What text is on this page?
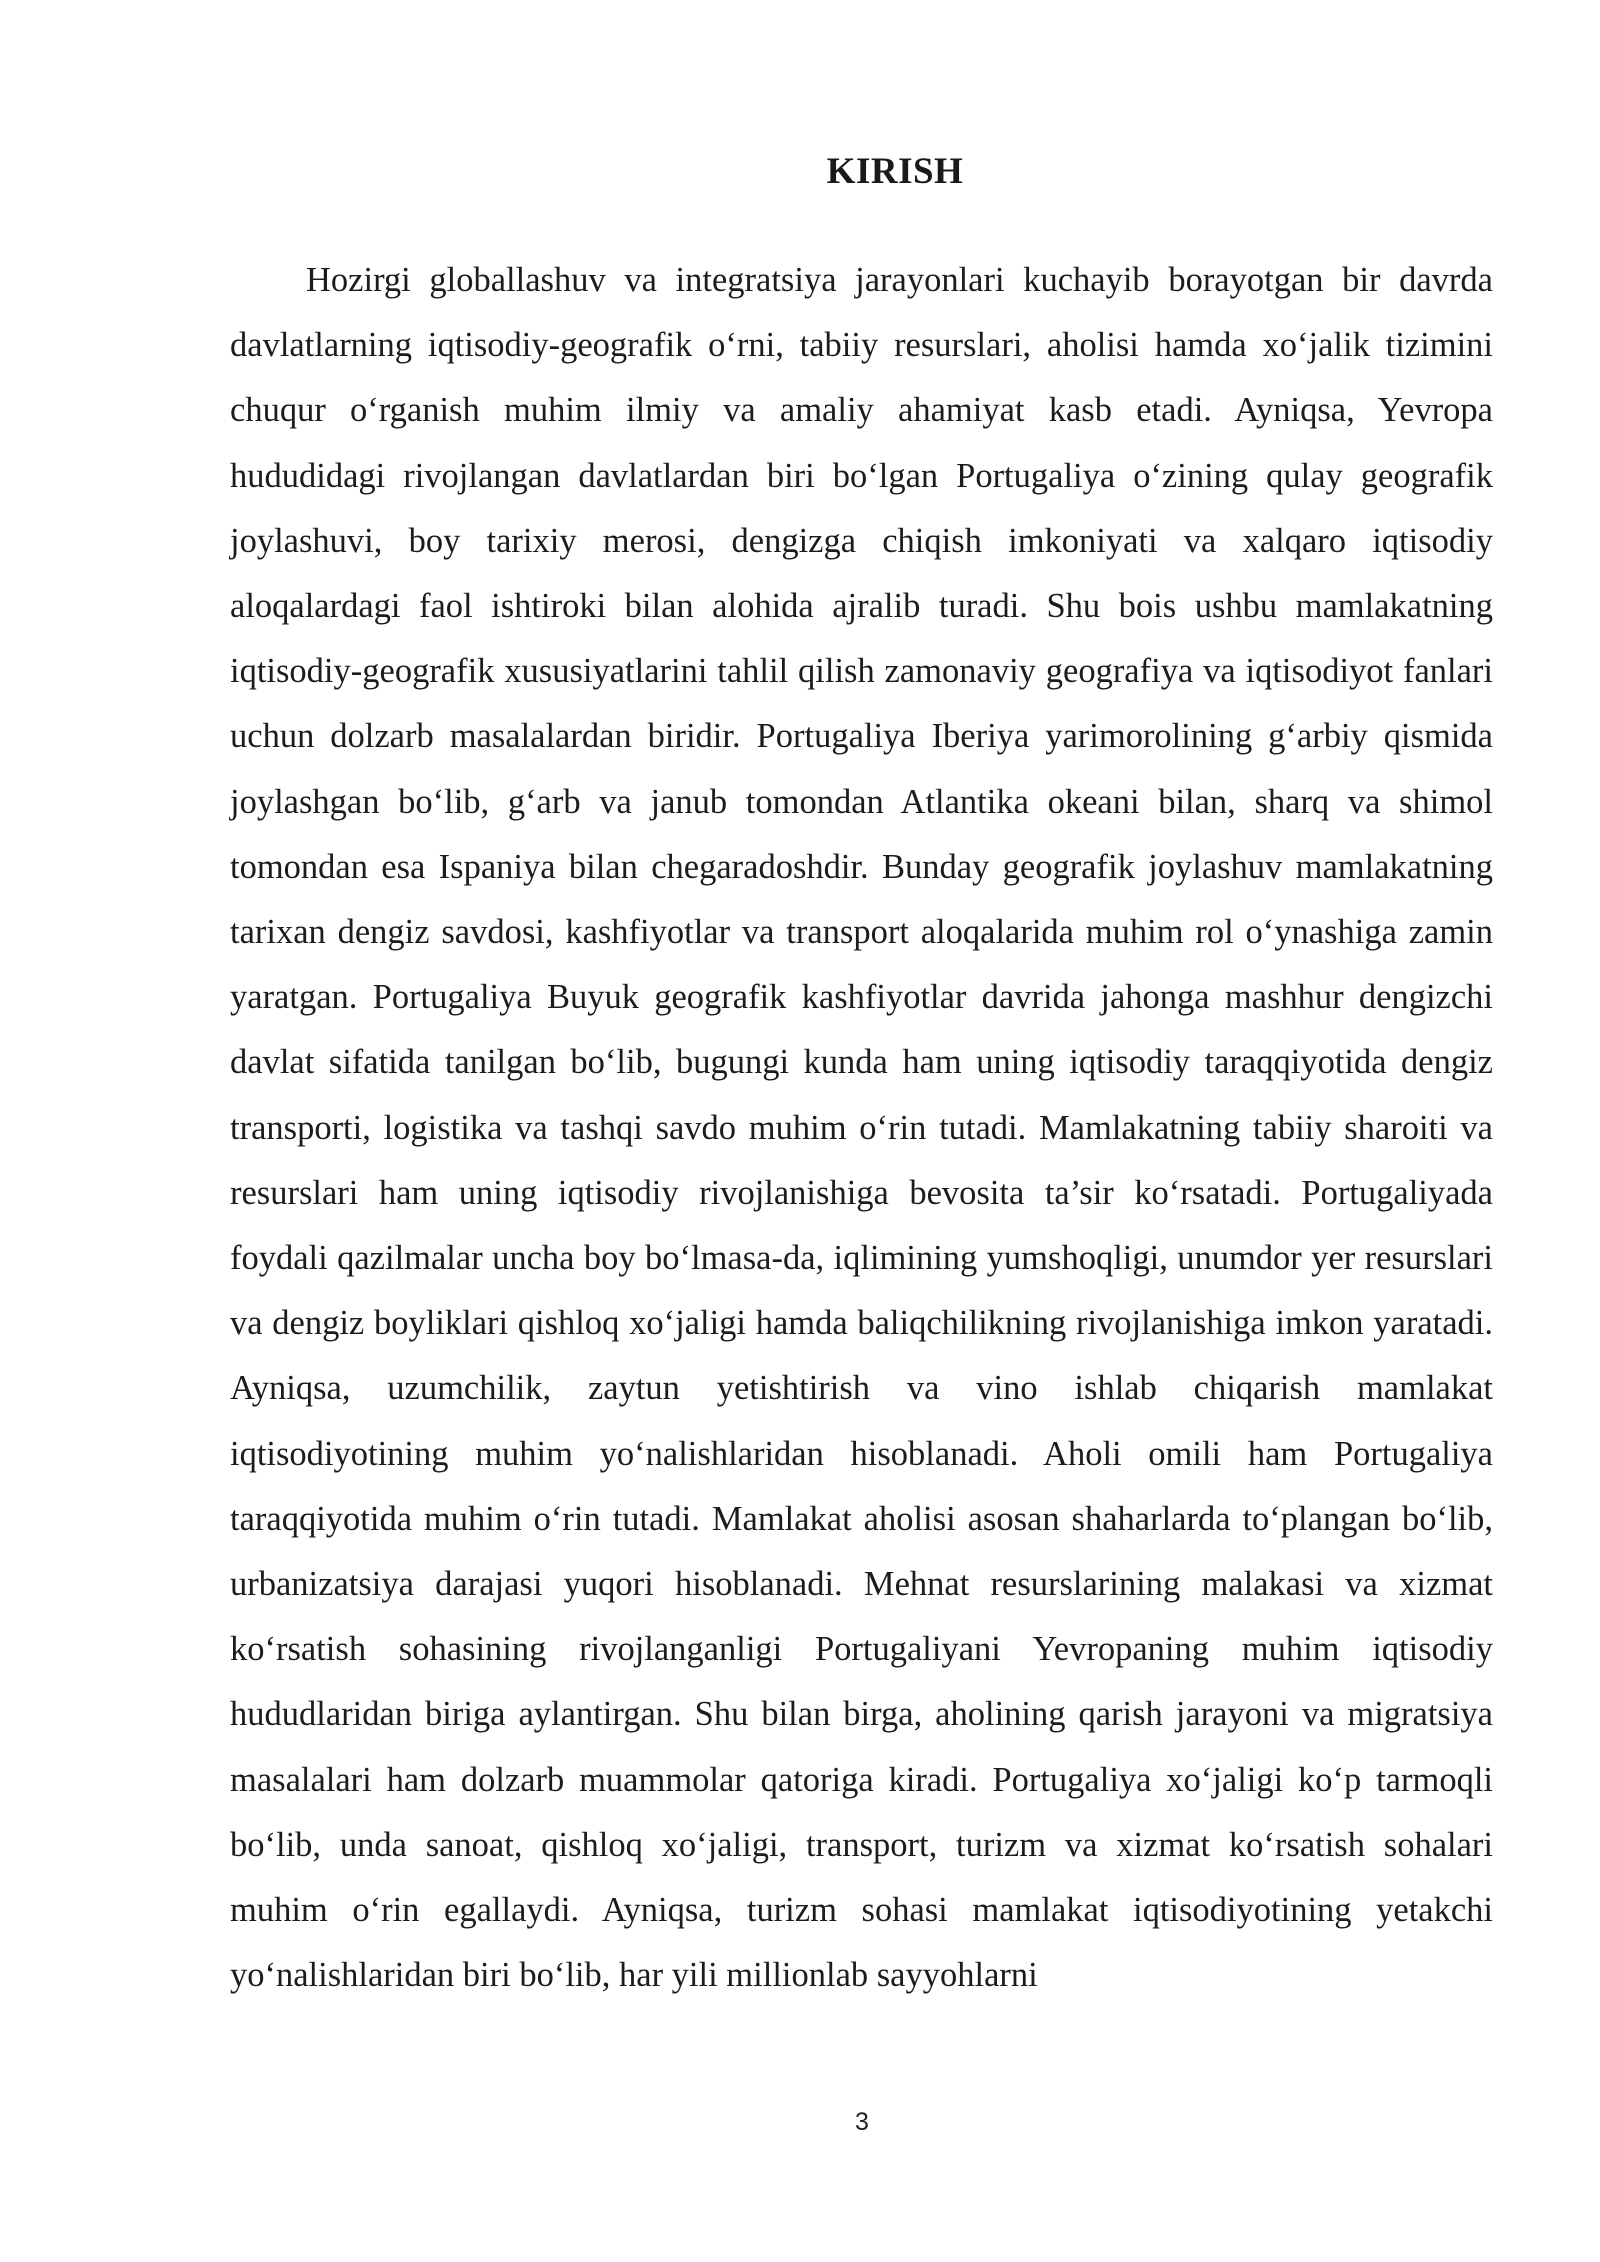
KIRISH

Hozirgi globallashuv va integratsiya jarayonlari kuchayib borayotgan bir davrda davlatlarning iqtisodiy-geografik o‘rni, tabiiy resurslari, aholisi hamda xo‘jalik tizimini chuqur o‘rganish muhim ilmiy va amaliy ahamiyat kasb etadi. Ayniqsa, Yevropa hududidagi rivojlangan davlatlardan biri bo‘lgan Portugaliya o‘zining qulay geografik joylashuvi, boy tarixiy merosi, dengizga chiqish imkoniyati va xalqaro iqtisodiy aloqalardagi faol ishtiroki bilan alohida ajralib turadi. Shu bois ushbu mamlakatning iqtisodiy-geografik xususiyatlarini tahlil qilish zamonaviy geografiya va iqtisodiyot fanlari uchun dolzarb masalalardan biridir. Portugaliya Iberiya yarimorolining g‘arbiy qismida joylashgan bo‘lib, g‘arb va janub tomondan Atlantika okeani bilan, sharq va shimol tomondan esa Ispaniya bilan chegaradoshdir. Bunday geografik joylashuv mamlakatning tarixan dengiz savdosi, kashfiyotlar va transport aloqalarida muhim rol o‘ynashiga zamin yaratgan. Portugaliya Buyuk geografik kashfiyotlar davrida jahonga mashhur dengizchi davlat sifatida tanilgan bo‘lib, bugungi kunda ham uning iqtisodiy taraqqiyotida dengiz transporti, logistika va tashqi savdo muhim o‘rin tutadi. Mamlakatning tabiiy sharoiti va resurslari ham uning iqtisodiy rivojlanishiga bevosita ta’sir ko‘rsatadi. Portugaliyada foydali qazilmalar uncha boy bo‘lmasa-da, iqlimining yumshoqligi, unumdor yer resurslari va dengiz boyliklari qishloq xo‘jaligi hamda baliqchilikning rivojlanishiga imkon yaratadi. Ayniqsa, uzumchilik, zaytun yetishtirish va vino ishlab chiqarish mamlakat iqtisodiyotining muhim yo‘nalishlaridan hisoblanadi. Aholi omili ham Portugaliya taraqqiyotida muhim o‘rin tutadi. Mamlakat aholisi asosan shaharlarda to‘plangan bo‘lib, urbanizatsiya darajasi yuqori hisoblanadi. Mehnat resurslarining malakasi va xizmat ko‘rsatish sohasining rivojlanganligi Portugaliyani Yevropaning muhim iqtisodiy hududlaridan biriga aylantirgan. Shu bilan birga, aholining qarish jarayoni va migratsiya masalalari ham dolzarb muammolar qatoriga kiradi. Portugaliya xo‘jaligi ko‘p tarmoqli bo‘lib, unda sanoat, qishloq xo‘jaligi, transport, turizm va xizmat ko‘rsatish sohalari muhim o‘rin egallaydi. Ayniqsa, turizm sohasi mamlakat iqtisodiyotining yetakchi yo‘nalishlaridan biri bo‘lib, har yili millionlab sayyohlarni

3
